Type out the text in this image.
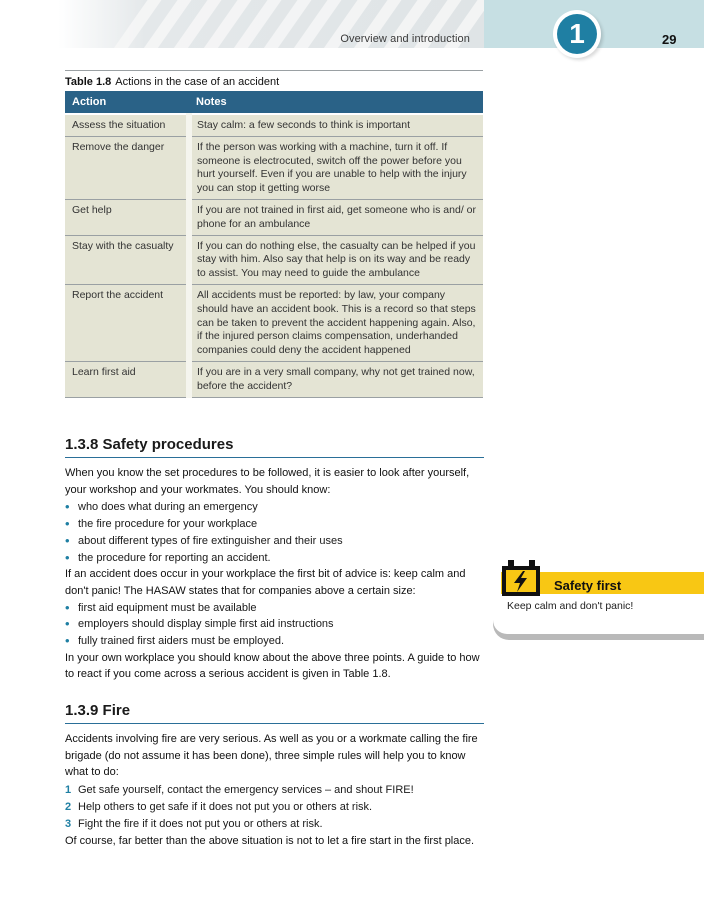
Overview and introduction	1	29
Table 1.8 Actions in the case of an accident
Action	Notes
Assess the situation	Stay calm: a few seconds to think is important
Remove the danger	If the person was working with a machine, turn it off. If someone is electrocuted, switch off the power before you hurt yourself. Even if you are unable to help with the injury you can stop it getting worse
Get help	If you are not trained in first aid, get someone who is and/ or phone for an ambulance
Stay with the casualty	If you can do nothing else, the casualty can be helped if you stay with him. Also say that help is on its way and be ready to assist. You may need to guide the ambulance
Report the accident	All accidents must be reported: by law, your company should have an accident book. This is a record so that steps can be taken to prevent the accident happening again. Also, if the injured person claims compensation, underhanded companies could deny the accident happened
Learn first aid	If you are in a very small company, why not get trained now, before the accident?
1.3.8 Safety procedures

When you know the set procedures to be followed, it is easier to look after yourself, your workshop and your workmates. You should know:

• who does what during an emergency
• the fire procedure for your workplace
• about different types of fire extinguisher and their uses
• the procedure for reporting an accident.

If an accident does occur in your workplace the first bit of advice is: keep calm and don't panic! The HASAW states that for companies above a certain size:

• first aid equipment must be available
• employers should display simple first aid instructions
• fully trained first aiders must be employed.

In your own workplace you should know about the above three points. A guide to how to react if you come across a serious accident is given in Table 1.8.

1.3.9 Fire

Accidents involving fire are very serious. As well as you or a workmate calling the fire brigade (do not assume it has been done), three simple rules will help you to know what to do:

1 Get safe yourself, contact the emergency services – and shout FIRE!
2 Help others to get safe if it does not put you or others at risk.
3 Fight the fire if it does not put you or others at risk.

Of course, far better than the above situation is not to let a fire start in the first place.

Safety first
Keep calm and don't panic!
